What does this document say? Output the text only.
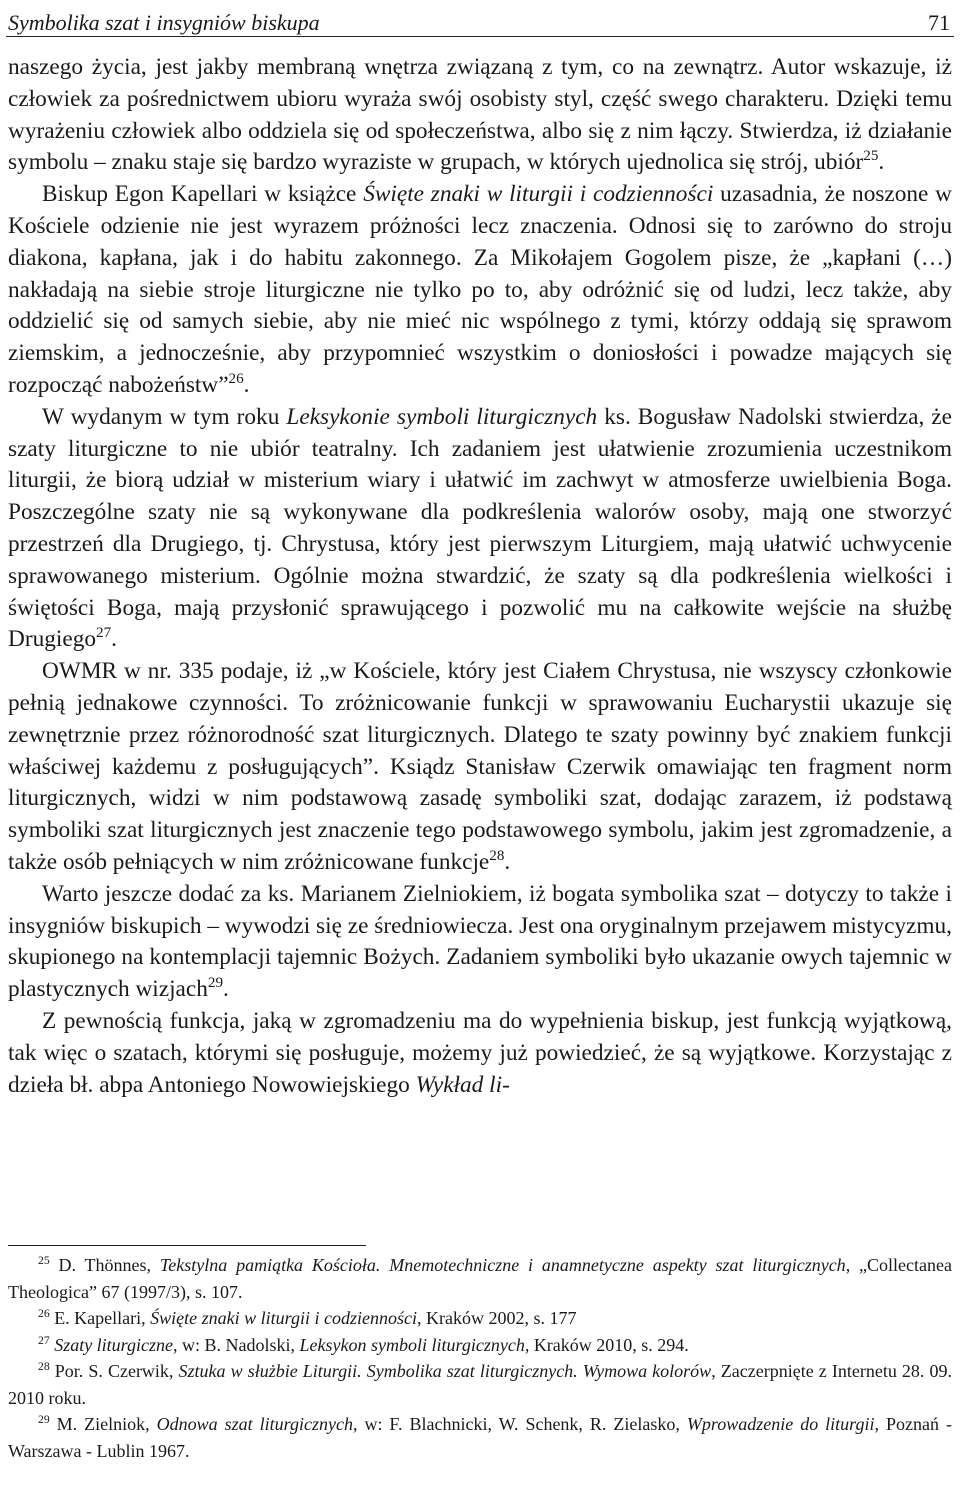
Symbolika szat i insygniów biskupa	71

naszego życia, jest jakby membraną wnętrza związaną z tym, co na zewnątrz. Autor wskazuje, iż człowiek za pośrednictwem ubioru wyraża swój osobisty styl, część swego charakteru. Dzięki temu wyrażeniu człowiek albo oddziela się od społeczeństwa, albo się z nim łączy. Stwierdza, iż działanie symbolu – znaku staje się bardzo wyraziste w grupach, w których ujednolica się strój, ubiór$^{25}$.

Biskup Egon Kapellari w książce Święte znaki w liturgii i codzienności uzasadnia, że noszone w Kościele odzienie nie jest wyrazem próżności lecz znaczenia. Odnosi się to zarówno do stroju diakona, kapłana, jak i do habitu zakonnego. Za Mikołajem Gogolem pisze, że „kapłani (…) nakładają na siebie stroje liturgiczne nie tylko po to, aby odróżnić się od ludzi, lecz także, aby oddzielić się od samych siebie, aby nie mieć nic wspólnego z tymi, którzy oddają się sprawom ziemskim, a jednocześnie, aby przypomnieć wszystkim o doniosłości i powadze mających się rozpocząć nabożeństw”$^{26}$.

W wydanym w tym roku Leksykonie symboli liturgicznych ks. Bogusław Nadolski stwierdza, że szaty liturgiczne to nie ubiór teatralny. Ich zadaniem jest ułatwienie zrozumienia uczestnikom liturgii, że biorą udział w misterium wiary i ułatwić im zachwyt w atmosferze uwielbienia Boga. Poszczególne szaty nie są wykonywane dla podkreślenia walorów osoby, mają one stworzyć przestrzeń dla Drugiego, tj. Chrystusa, który jest pierwszym Liturgiem, mają ułatwić uchwycenie sprawowanego misterium. Ogólnie można stwardzić, że szaty są dla podkreślenia wielkości i świętości Boga, mają przysłonić sprawującego i pozwolić mu na całkowite wejście na służbę Drugiego$^{27}$.

OWMR w nr. 335 podaje, iż „w Kościele, który jest Ciałem Chrystusa, nie wszyscy członkowie pełnią jednakowe czynności. To zróżnicowanie funkcji w sprawowaniu Eucharystii ukazuje się zewnętrznie przez różnorodność szat liturgicznych. Dlatego te szaty powinny być znakiem funkcji właściwej każdemu z posługujących”. Ksiądz Stanisław Czerwik omawiając ten fragment norm liturgicznych, widzi w nim podstawową zasadę symboliki szat, dodając zarazem, iż podstawą symboliki szat liturgicznych jest znaczenie tego podstawowego symbolu, jakim jest zgromadzenie, a także osób pełniących w nim zróżnicowane funkcje$^{28}$.

Warto jeszcze dodać za ks. Marianem Zielniokiem, iż bogata symbolika szat – dotyczy to także i insygniów biskupich – wywodzi się ze średniowiecza. Jest ona oryginalnym przejawem mistycyzmu, skupionego na kontemplacji tajemnic Bożych. Zadaniem symboliki było ukazanie owych tajemnic w plastycznych wizjach$^{29}$.

Z pewnością funkcja, jaką w zgromadzeniu ma do wypełnienia biskup, jest funkcją wyjątkową, tak więc o szatach, którymi się posługuje, możemy już powiedzieć, że są wyjątkowe. Korzystając z dzieła bł. abpa Antoniego Nowowiejskiego Wykład li-

$^{25}$ D. Thönnes, Tekstylna pamiątka Kościoła. Mnemotechniczne i anamnetyczne aspekty szat liturgicznych, „Collectanea Theologica” 67 (1997/3), s. 107.

$^{26}$ E. Kapellari, Święte znaki w liturgii i codzienności, Kraków 2002, s. 177

$^{27}$ Szaty liturgiczne, w: B. Nadolski, Leksykon symboli liturgicznych, Kraków 2010, s. 294.

$^{28}$ Por. S. Czerwik, Sztuka w służbie Liturgii. Symbolika szat liturgicznych. Wymowa kolorów, Zaczerpnięte z Internetu 28. 09. 2010 roku.

$^{29}$ M. Zielniok, Odnowa szat liturgicznych, w: F. Blachnicki, W. Schenk, R. Zielasko, Wprowadzenie do liturgii, Poznań - Warszawa - Lublin 1967.
